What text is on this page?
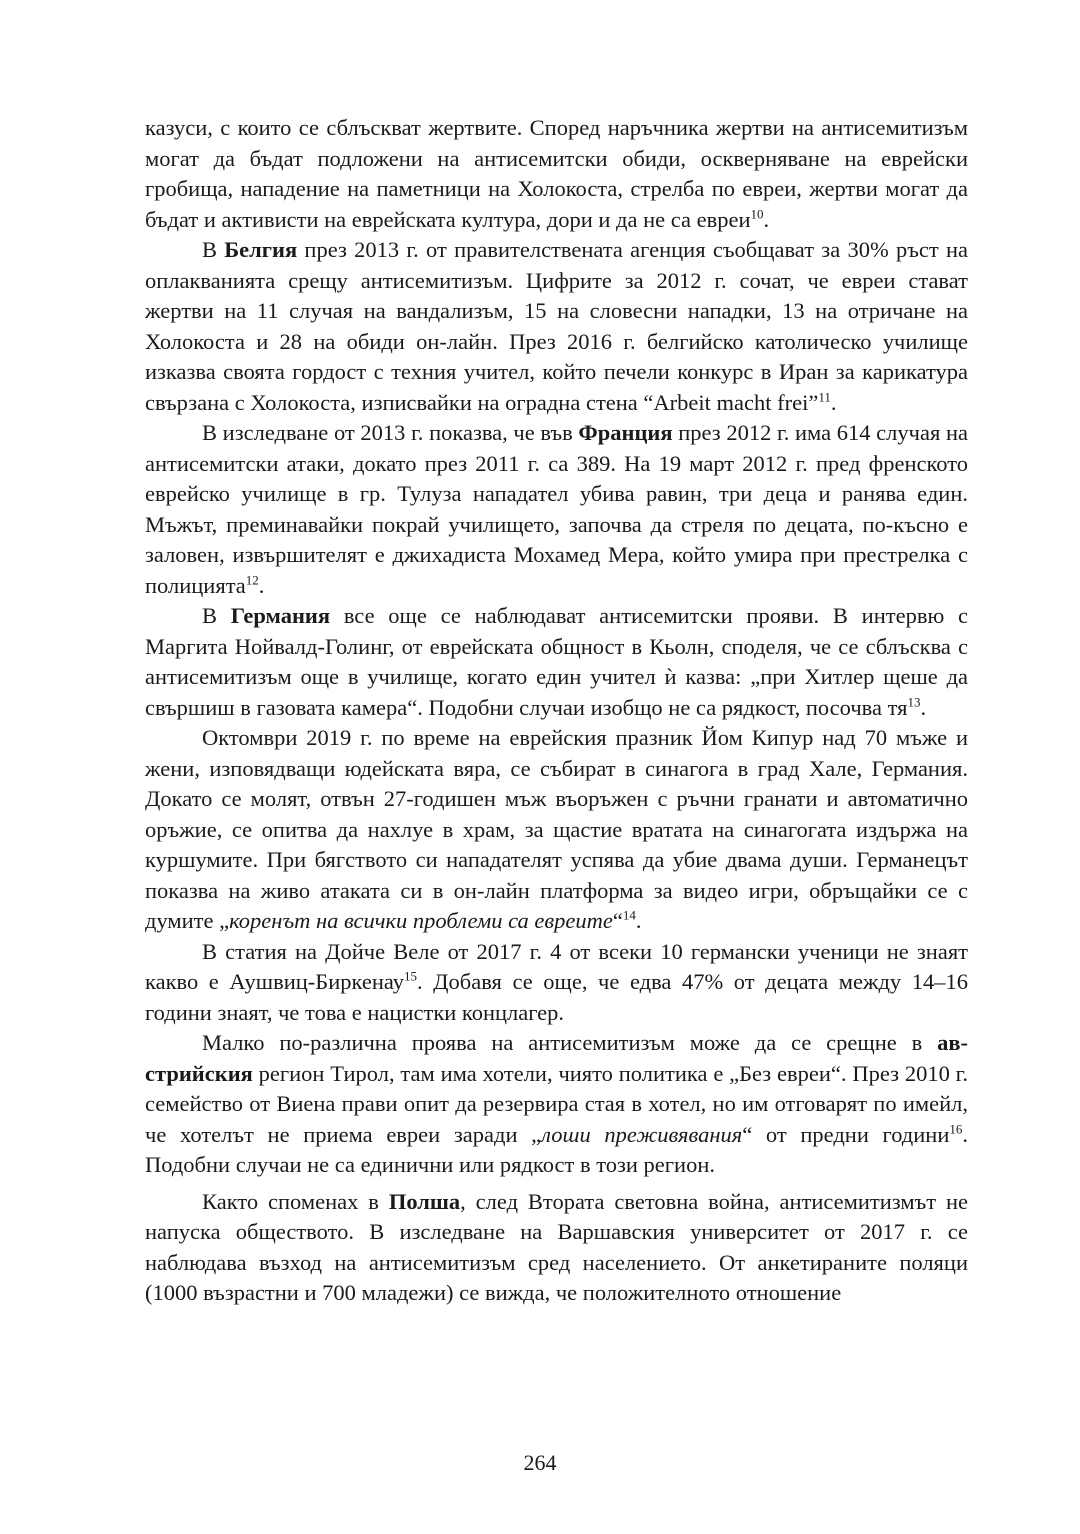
казуси, с които се сблъскват жертвите. Според наръчника жертви на антисемитизъм могат да бъдат подложени на антисемитски обиди, оскверняване на еврейски гробища, нападение на паметници на Холокоста, стрелба по евреи, жертви могат да бъдат и активисти на еврейската култура, дори и да не са евреи$^{10}$.

В Белгия през 2013 г. от правителствената агенция съобщават за 30% ръст на оплакванията срещу антисемитизъм. Цифрите за 2012 г. сочат, че евреи стават жертви на 11 случая на вандализъм, 15 на словесни нападки, 13 на отричане на Холокоста и 28 на обиди он-лайн. През 2016 г. белгийско католическо училище изказва своята гордост с техния учител, който печели конкурс в Иран за карикатура свързана с Холокоста, изписвайки на оградна стена “Arbeit macht frei”$^{11}$.

В изследване от 2013 г. показва, че във Франция през 2012 г. има 614 случая на антисемитски атаки, докато през 2011 г. са 389. На 19 март 2012 г. пред френското еврейско училище в гр. Тулуза нападател убива равин, три деца и ранява един. Мъжът, преминавайки покрай училището, започва да стреля по децата, по-късно е заловен, извършителят е джихадиста Мохамед Мера, който умира при престрелка с полицията$^{12}$.

В Германия все още се наблюдават антисемитски прояви. В интервю с Маргита Нойвалд-Голинг, от еврейската общност в Кьолн, споделя, че се сблъсква с антисемитизъм още в училище, когато един учител ѝ казва: „при Хитлер щеше да свършиш в газовата камера“. Подобни случаи изобщо не са рядкост, посочва $тя^{13}$.

Октомври 2019 г. по време на еврейския празник Йом Кипур над 70 мъже и жени, изповядващи юдейската вяра, се събират в синагога в град Хале, Германия. Докато се молят, отвън 27-годишен мъж въоръжен с ръчни гранати и автоматично оръжие, се опитва да нахлуе в храм, за щастие вратата на синагогата издържа на куршумите. При бягството си нападателят успява да убие двама души. Германецът показва на живо атаката си в он-лайн платформа за видео игри, обръщайки се с думите „коренът на всички проблеми са евреите“$^{14}$.

В статия на Дойче Веле от 2017 г. 4 от всеки 10 германски ученици не знаят какво е Аушвиц-Биркенау$^{15}$. Добавя се още, че едва 47% от децата между 14–16 години знаят, че това е нацистки концлагер.

Малко по-различна проява на антисемитизъм може да се срещне в австрийския регион Тирол, там има хотели, чиято политика е „Без евреи“. През 2010 г. семейство от Виена прави опит да резервира стая в хотел, но им отговарят по имейл, че хотелът не приема евреи заради „лоши преживявания“ от предни години$^{16}$. Подобни случаи не са единични или рядкост в този регион.

Както споменах в Полша, след Втората световна война, антисемитизмът не напуска обществото. В изследване на Варшавския университет от 2017 г. се наблюдава възход на антисемитизъм сред населението. От анкетираните поляци (1000 възрастни и 700 младежи) се вижда, че положителното отношение

264
